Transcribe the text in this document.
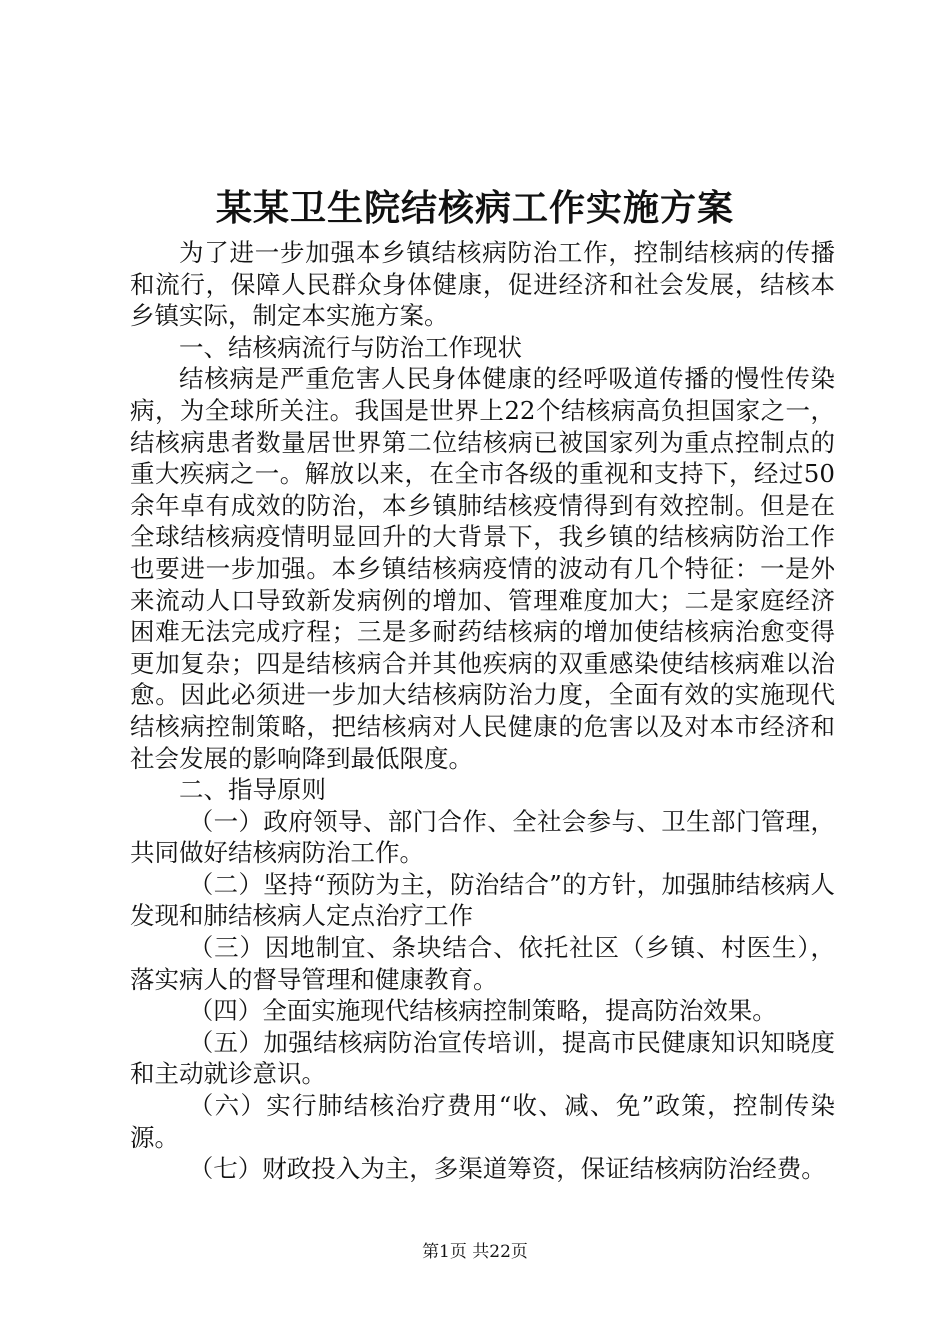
某某卫生院结核病工作实施方案

为了进一步加强本乡镇结核病防治工作，控制结核病的传播和流行，保障人民群众身体健康，促进经济和社会发展，结核本乡镇实际，制定本实施方案。

一、结核病流行与防治工作现状

结核病是严重危害人民身体健康的经呼吸道传播的慢性传染病，为全球所关注。我国是世界上22个结核病高负担国家之一，结核病患者数量居世界第二位结核病已被国家列为重点控制点的重大疾病之一。解放以来，在全市各级的重视和支持下，经过50余年卓有成效的防治，本乡镇肺结核疫情得到有效控制。但是在全球结核病疫情明显回升的大背景下，我乡镇的结核病防治工作也要进一步加强。本乡镇结核病疫情的波动有几个特征：一是外来流动人口导致新发病例的增加、管理难度加大；二是家庭经济困难无法完成疗程；三是多耐药结核病的增加使结核病治愈变得更加复杂；四是结核病合并其他疾病的双重感染使结核病难以治愈。因此必须进一步加大结核病防治力度，全面有效的实施现代结核病控制策略，把结核病对人民健康的危害以及对本市经济和社会发展的影响降到最低限度。

二、指导原则

（一）政府领导、部门合作、全社会参与、卫生部门管理，共同做好结核病防治工作。

（二）坚持“预防为主，防治结合”的方针，加强肺结核病人发现和肺结核病人定点治疗工作

（三）因地制宜、条块结合、依托社区（乡镇、村医生），落实病人的督导管理和健康教育。

（四）全面实施现代结核病控制策略，提高防治效果。

（五）加强结核病防治宣传培训，提高市民健康知识知晓度和主动就诊意识。

（六）实行肺结核治疗费用“收、减、免”政策，控制传染源。

（七）财政投入为主，多渠道筹资，保证结核病防治经费。

第1页 共22页
